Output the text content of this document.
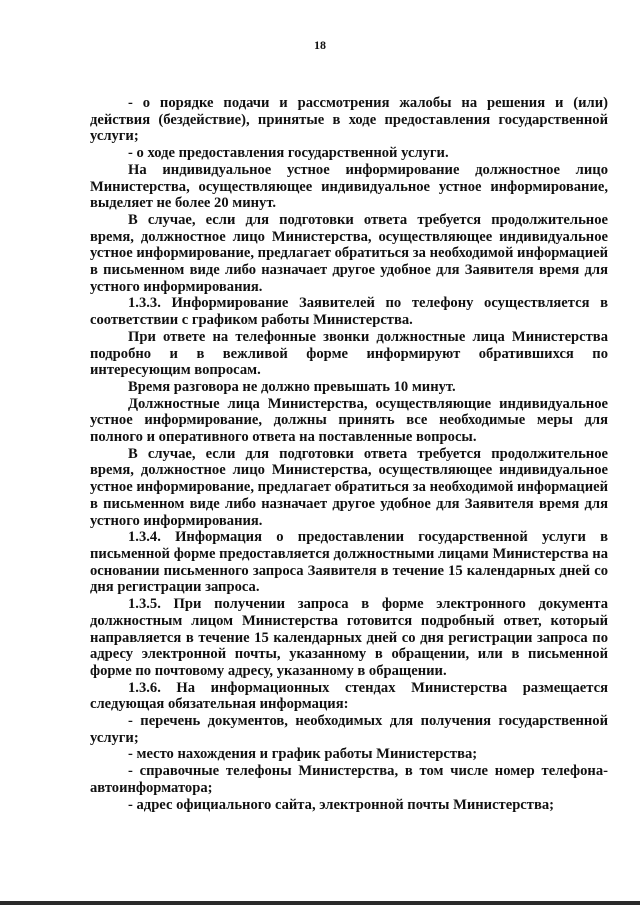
18

- о порядке подачи и рассмотрения жалобы на решения и (или) действия (бездействие), принятые в ходе предоставления государственной услуги;

- о ходе предоставления государственной услуги.

На индивидуальное устное информирование должностное лицо Министерства, осуществляющее индивидуальное устное информирование, выделяет не более 20 минут.

В случае, если для подготовки ответа требуется продолжительное время, должностное лицо Министерства, осуществляющее индивидуальное устное информирование, предлагает обратиться за необходимой информацией в письменном виде либо назначает другое удобное для Заявителя время для устного информирования.

1.3.3. Информирование Заявителей по телефону осуществляется в соответствии с графиком работы Министерства.

При ответе на телефонные звонки должностные лица Министерства подробно и в вежливой форме информируют обратившихся по интересующим вопросам.

Время разговора не должно превышать 10 минут.

Должностные лица Министерства, осуществляющие индивидуальное устное информирование, должны принять все необходимые меры для полного и оперативного ответа на поставленные вопросы.

В случае, если для подготовки ответа требуется продолжительное время, должностное лицо Министерства, осуществляющее индивидуальное устное информирование, предлагает обратиться за необходимой информацией в письменном виде либо назначает другое удобное для Заявителя время для устного информирования.

1.3.4. Информация о предоставлении государственной услуги в письменной форме предоставляется должностными лицами Министерства на основании письменного запроса Заявителя в течение 15 календарных дней со дня регистрации запроса.

1.3.5. При получении запроса в форме электронного документа должностным лицом Министерства готовится подробный ответ, который направляется в течение 15 календарных дней со дня регистрации запроса по адресу электронной почты, указанному в обращении, или в письменной форме по почтовому адресу, указанному в обращении.

1.3.6. На информационных стендах Министерства размещается следующая обязательная информация:

- перечень документов, необходимых для получения государственной услуги;

- место нахождения и график работы Министерства;

- справочные телефоны Министерства, в том числе номер телефона-автоинформатора;

- адрес официального сайта, электронной почты Министерства;
